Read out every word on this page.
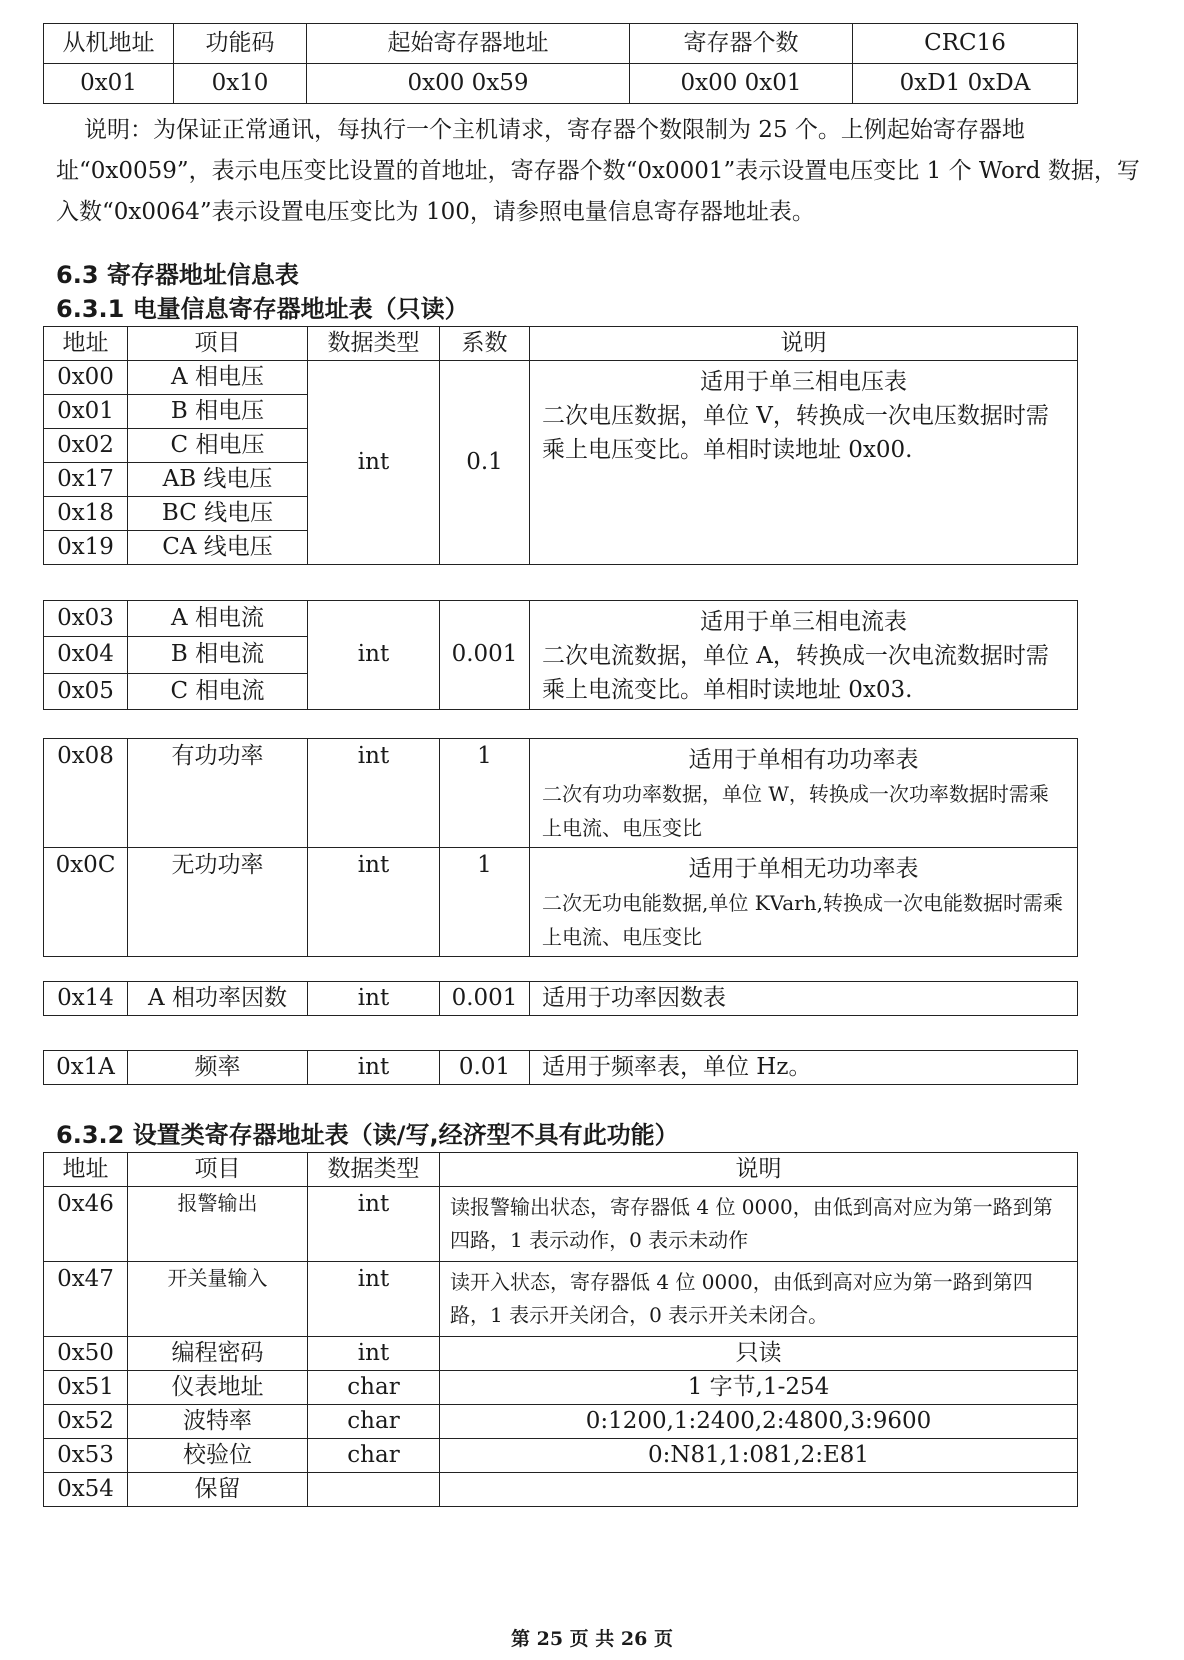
从机地址	功能码	起始寄存器地址	寄存器个数	CRC16
0x01	0x10	0x00 0x59	0x00 0x01	0xD1 0xDA
说明：为保证正常通讯，每执行一个主机请求，寄存器个数限制为 25 个。上例起始寄存器地址“0x0059”，表示电压变比设置的首地址，寄存器个数“0x0001”表示设置电压变比 1 个 Word 数据，写入数“0x0064”表示设置电压变比为 100，请参照电量信息寄存器地址表。
6.3 寄存器地址信息表
6.3.1 电量信息寄存器地址表（只读）
地址	项目	数据类型	系数	说明
0x00	A 相电压	int	0.1	适用于单三相电压表
二次电压数据，单位 V，转换成一次电压数据时需乘上电压变比。单相时读地址 0x00.

0x01	B 相电压			
0x02	C 相电压			
0x17	AB 线电压			
0x18	BC 线电压			
0x19	CA 线电压			
0x03	A 相电流	int	0.001	适用于单三相电流表
二次电流数据，单位 A，转换成一次电流数据时需乘上电流变比。单相时读地址 0x03.

0x04	B 相电流			
0x05	C 相电流			
0x08	有功功率	int	1	适用于单相有功功率表
二次有功功率数据，单位 W，转换成一次功率数据时需乘上电流、电压变比

0x0C	无功功率	int	1	适用于单相无功功率表
二次无功电能数据,单位 KVarh,转换成一次电能数据时需乘上电流、电压变比
0x14	A 相功率因数	int	0.001	适用于功率因数表
0x1A	频率	int	0.01	适用于频率表，单位 Hz。
6.3.2 设置类寄存器地址表（读/写,经济型不具有此功能）
地址	项目	数据类型	说明
0x46	报警输出	int	读报警输出状态，寄存器低 4 位 0000，由低到高对应为第一路到第四路，1 表示动作，0 表示未动作
0x47	开关量输入	int	读开入状态，寄存器低 4 位 0000，由低到高对应为第一路到第四路，1 表示开关闭合，0 表示开关未闭合。
0x50	编程密码	int	只读
0x51	仪表地址	char	1 字节,1-254
0x52	波特率	char	0:1200,1:2400,2:4800,3:9600
0x53	校验位	char	0:N81,1:081,2:E81
0x54	保留		
第 25 页 共 26 页
